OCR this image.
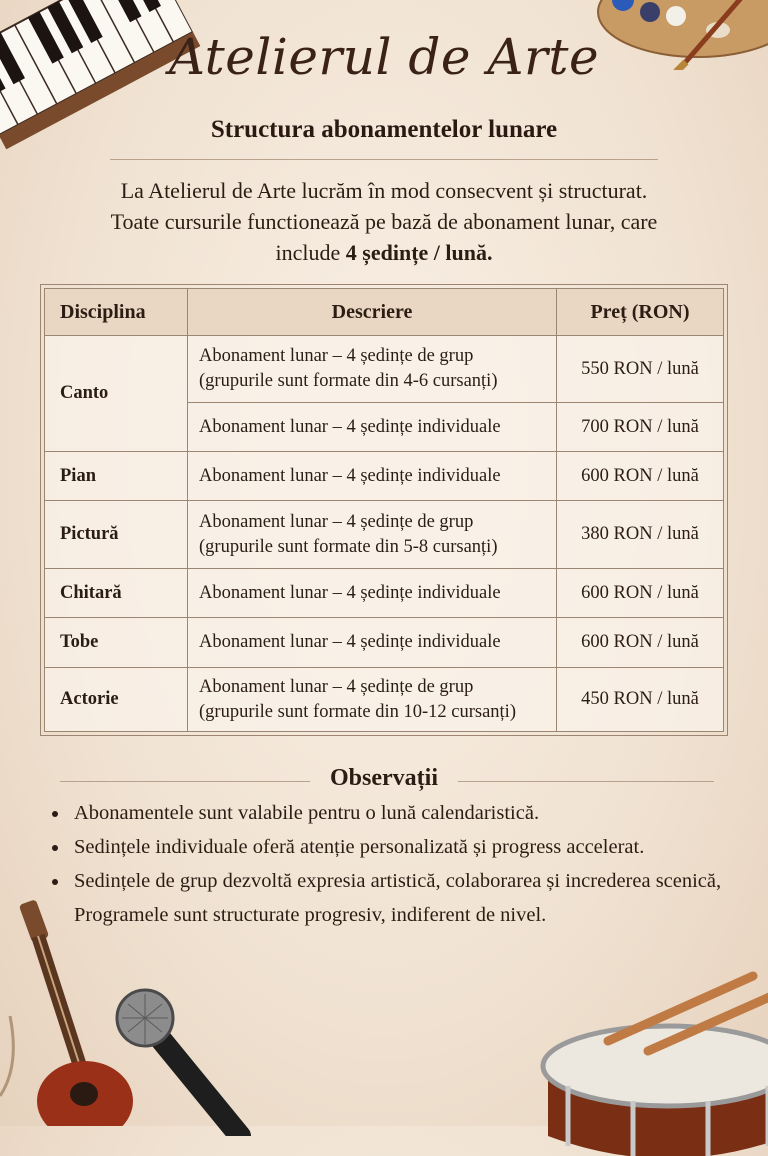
Atelierul de Arte
Structura abonamentelor lunare
La Atelierul de Arte lucrăm în mod consecvent și structurat.
Toate cursurile functionează pe bază de abonament lunar, care
include 4 ședințe / lună.
Disciplina	Descriere	Preț (RON)
Canto	Abonament lunar – 4 ședințe de grup
(grupurile sunt formate din 4-6 cursanți)	550 RON / lună
	Abonament lunar – 4 ședințe individuale	700 RON / lună
Pian	Abonament lunar – 4 ședințe individuale	600 RON / lună
Pictură	Abonament lunar – 4 ședințe de grup
(grupurile sunt formate din 5-8 cursanți)	380 RON / lună
Chitară	Abonament lunar – 4 ședințe individuale	600 RON / lună
Tobe	Abonament lunar – 4 ședințe individuale	600 RON / lună
Actorie	Abonament lunar – 4 ședințe de grup
(grupurile sunt formate din 10-12 cursanți)	450 RON / lună
Observații
• Abonamentele sunt valabile pentru o lună calendaristică.
• Sedințele individuale oferă atenție personalizată și progress accelerat.
• Sedințele de grup dezvoltă expresia artistică, colaborarea și increderea scenică, Programele sunt structurate progresiv, indiferent de nivel.
